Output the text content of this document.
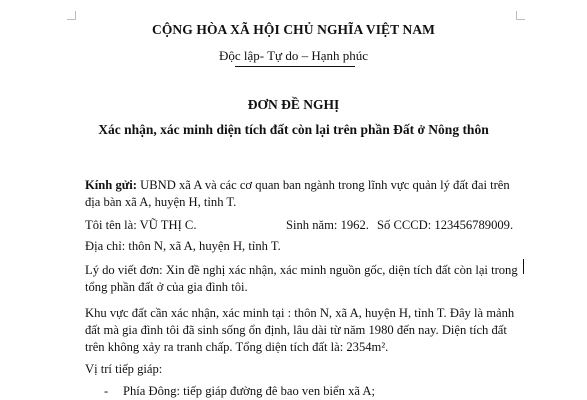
CỘNG HÒA XÃ HỘI CHỦ NGHĨA VIỆT NAM
Độc lập- Tự do – Hạnh phúc
ĐƠN ĐỀ NGHỊ
Xác nhận, xác minh diện tích đất còn lại trên phần Đất ở Nông thôn
Kính gửi: UBND xã A và các cơ quan ban ngành trong lĩnh vực quản lý đất đai trên địa bàn xã A, huyện H, tỉnh T.
Tôi tên là: VŨ THỊ C.	Sinh năm: 1962. Số CCCD: 123456789009.
Địa chỉ: thôn N, xã A, huyện H, tỉnh T.
Lý do viết đơn: Xin đề nghị xác nhận, xác minh nguồn gốc, diện tích đất còn lại trong tổng phần đất ở của gia đình tôi.
Khu vực đất cần xác nhận, xác minh tại : thôn N, xã A, huyện H, tỉnh T. Đây là mảnh đất mà gia đình tôi đã sinh sống ổn định, lâu dài từ năm 1980 đến nay. Diện tích đất trên không xảy ra tranh chấp. Tổng diện tích đất là: 2354m².
Vị trí tiếp giáp:
- Phía Đông: tiếp giáp đường đê bao ven biển xã A;
